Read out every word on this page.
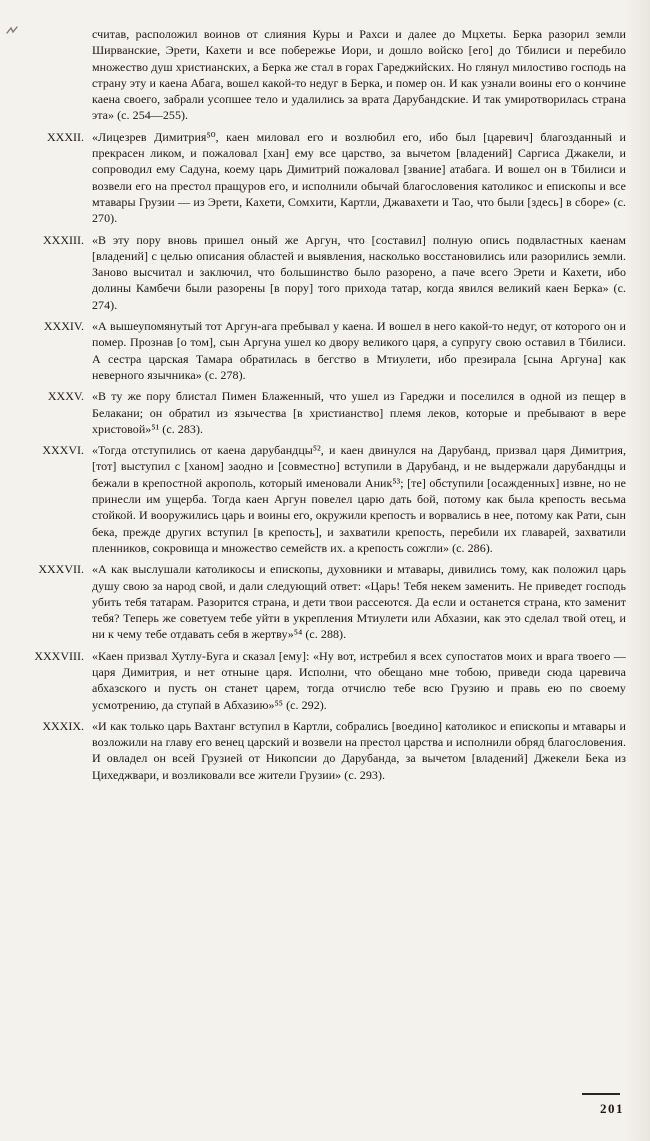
считав, расположил воинов от слияния Куры и Рахси и далее до Мцхеты. Берка разорил земли Ширванские, Эрети, Кахети и все побережье Иори, и дошло войско [его] до Тбилиси и перебило множество душ христианских, а Берка же стал в горах Гареджийских. Но глянул милостиво господь на страну эту и каена Абага, вошел какой-то недуг в Берка, и помер он. И как узнали воины его о кончине каена своего, забрали усопшее тело и удалились за врата Дарубандские. И так умиротворилась страна эта» (с. 254—255).
XXXII. «Лицезрев Димитрия⁵⁰, каен миловал его и возлюбил его, ибо был [царевич] благозданный и прекрасен ликом, и пожаловал [хан] ему все царство, за вычетом [владений] Саргиса Джакели, и сопроводил ему Садуна, коему царь Димитрий пожаловал [звание] атабага. И вошел он в Тбилиси и возвели его на престол пращуров его, и исполнили обычай благословения католикос и епископы и все мтавары Грузии — из Эрети, Кахети, Сомхити, Картли, Джавахети и Тао, что были [здесь] в сборе» (с. 270).
XXXIII. «В эту пору вновь пришел оный же Аргун, что [составил] полную опись подвластных каенам [владений] с целью описания областей и выявления, насколько восстановились или разорились земли. Заново высчитал и заключил, что большинство было разорено, а паче всего Эрети и Кахети, ибо долины Камбечи были разорены [в пору] того прихода татар, когда явился великий каен Берка» (с. 274).
XXXIV. «А вышеупомянутый тот Аргун-ага пребывал у каена. И вошел в него какой-то недуг, от которого он и помер. Прознав [о том], сын Аргуна ушел ко двору великого царя, а супругу свою оставил в Тбилиси. А сестра царская Тамара обратилась в бегство в Мтиулети, ибо презирала [сына Аргуна] как неверного язычника» (с. 278).
XXXV. «В ту же пору блистал Пимен Блаженный, что ушел из Гареджи и поселился в одной из пещер в Белакани; он обратил из язычества [в христианство] племя леков, которые и пребывают в вере христовой»⁵¹ (с. 283).
XXXVI. «Тогда отступились от каена дарубандцы⁵², и каен двинулся на Дарубанд, призвал царя Димитрия, [тот] выступил с [ханом] заодно и [совместно] вступили в Дарубанд, и не выдержали дарубандцы и бежали в крепостной акрополь, который именовали Аник⁵³; [те] обступили [осажденных] извне, но не принесли им ущерба. Тогда каен Аргун повелел царю дать бой, потому как была крепость весьма стойкой. И вооружились царь и воины его, окружили крепость и ворвались в нее, потому как Рати, сын бека, прежде других вступил [в крепость], и захватили крепость, перебили их главарей, захватили пленников, сокровища и множество семейств их. а крепость сожгли» (с. 286).
XXXVII. «А как выслушали католикосы и епископы, духовники и мтавары, дивились тому, как положил царь душу свою за народ свой, и дали следующий ответ: «Царь! Тебя некем заменить. Не приведет господь убить тебя татарам. Разорится страна, и дети твои рассеются. Да если и останется страна, кто заменит тебя? Теперь же советуем тебе уйти в укрепления Мтиулети или Абхазии, как это сделал твой отец, и ни к чему тебе отдавать себя в жертву»⁵⁴ (с. 288).
XXXVIII. «Каен призвал Хутлу-Буга и сказал [ему]: «Ну вот, истребил я всех супостатов моих и врага твоего — царя Димитрия, и нет отныне царя. Исполни, что обещано мне тобою, приведи сюда царевича абхазского и пусть он станет царем, тогда отчислю тебе всю Грузию и правь ею по своему усмотрению, да ступай в Абхазию»⁵⁵ (с. 292).
XXXIX. «И как только царь Вахтанг вступил в Картли, собрались [воедино] католикос и епископы и мтавары и возложили на главу его венец царский и возвели на престол царства и исполнили обряд благословения. И овладел он всей Грузией от Никопсии до Дарубанда, за вычетом [владений] Джекели Бека из Цихеджвари, и возликовали все жители Грузии» (с. 293).
201
